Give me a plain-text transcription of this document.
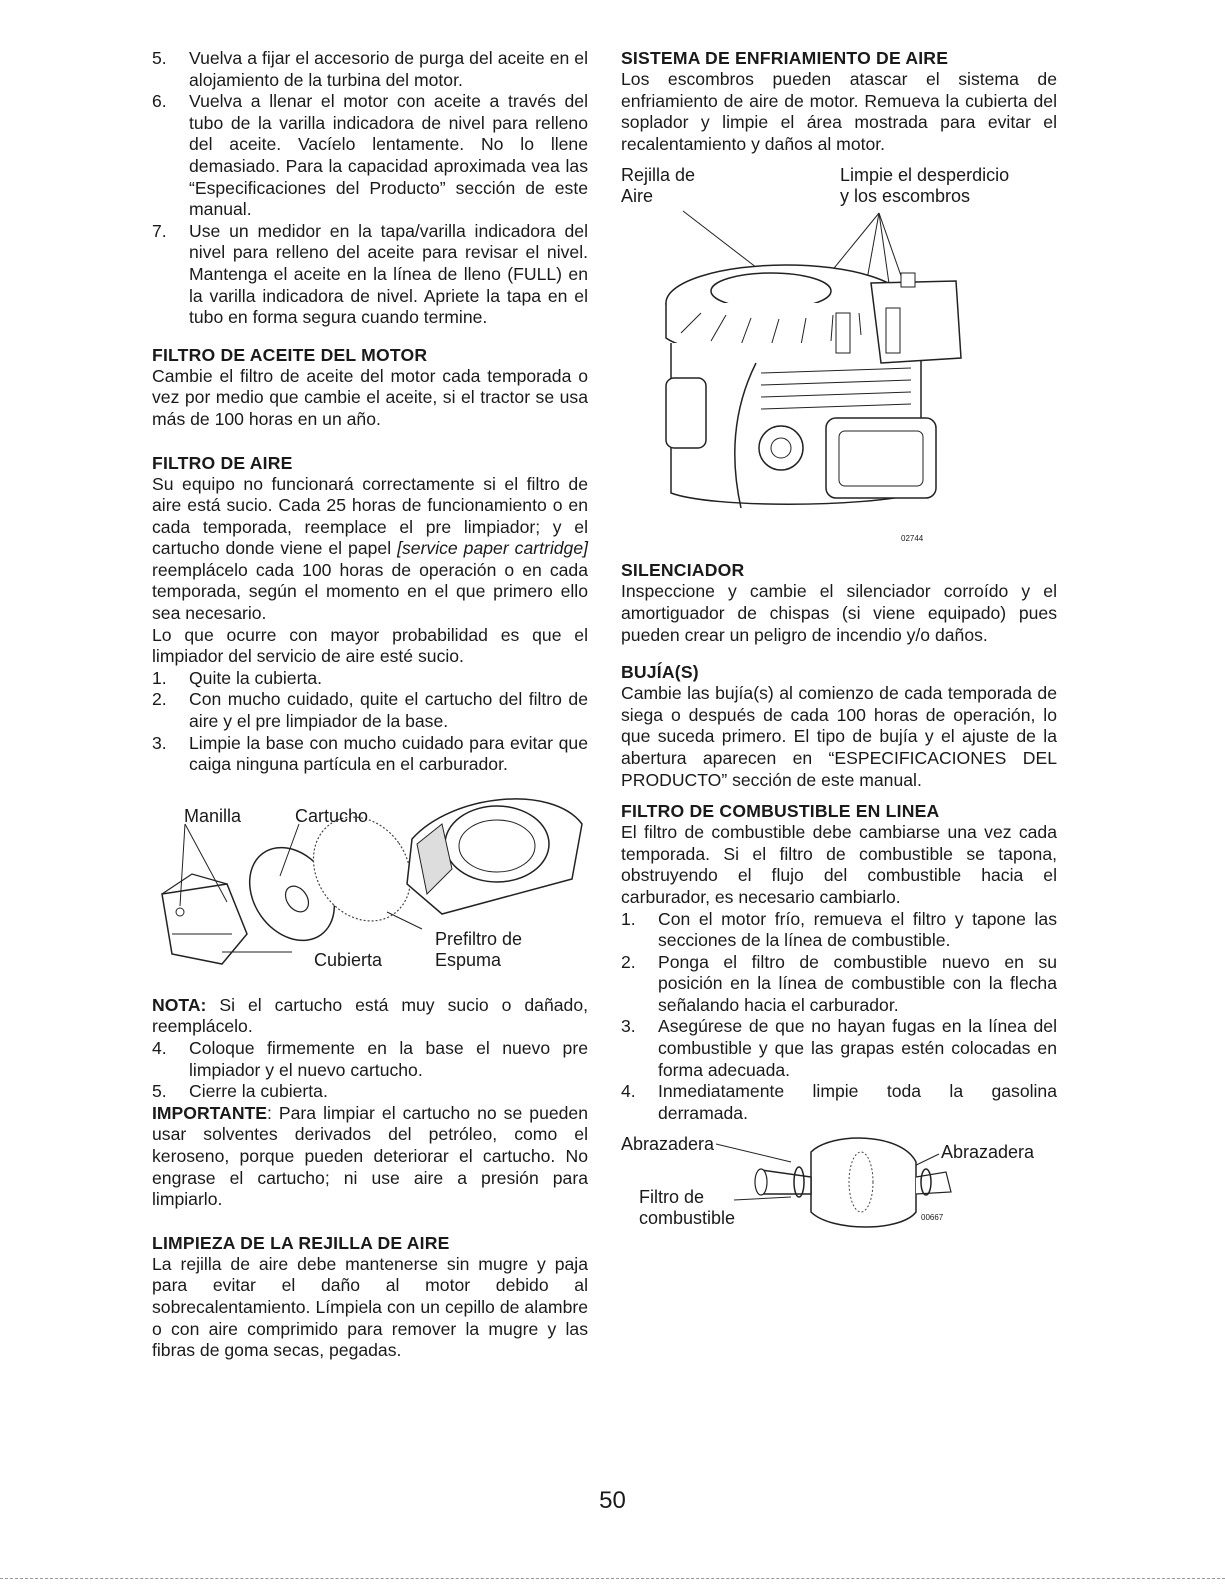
5. Vuelva a fijar el accesorio de purga del aceite en el alojamiento de la turbina del motor.
6. Vuelva a llenar el motor con aceite a través del tubo de la varilla indicadora de nivel para relleno del aceite. Vacíelo lentamente. No lo llene demasiado. Para la capacidad aproximada vea las “Especificaciones del Producto” sección de este manual.
7. Use un medidor en la tapa/varilla indicadora del nivel para relleno del aceite para revisar el nivel. Mantenga el aceite en la línea de lleno (FULL) en la varilla indicadora de nivel. Apriete la tapa en el tubo en forma segura cuando termine.
FILTRO DE ACEITE DEL MOTOR

Cambie el filtro de aceite del motor cada temporada o vez por medio que cambie el aceite, si el tractor se usa más de 100 horas en un año.

FILTRO DE AIRE

Su equipo no funcionará correctamente si el filtro de aire está sucio. Cada 25 horas de funcionamiento o en cada temporada, reemplace el pre limpiador; y el cartucho donde viene el papel [service paper cartridge] reemplácelo cada 100 horas de operación o en cada temporada, según el momento en el que primero ello sea necesario.

Lo que ocurre con mayor probabilidad es que el limpiador del servicio de aire esté sucio.

1. Quite la cubierta.
2. Con mucho cuidado, quite el cartucho del filtro de aire y el pre limpiador de la base.
3. Limpie la base con mucho cuidado para evitar que caiga ninguna partícula en el carburador.
Manilla	Cartucho
Prefiltro de
Espuma
Cubierta

NOTA: Si el cartucho está muy sucio o dañado, reemplácelo.

4. Coloque firmemente en la base el nuevo pre limpiador y el nuevo cartucho.
5. Cierre la cubierta.

IMPORTANTE: Para limpiar el cartucho no se pueden usar solventes derivados del petróleo, como el keroseno, porque pueden deteriorar el cartucho. No engrase el cartucho; ni use aire a presión para limpiarlo.

LIMPIEZA DE LA REJILLA DE AIRE

La rejilla de aire debe mantenerse sin mugre y paja para evitar el daño al motor debido al sobrecalentamiento. Límpiela con un cepillo de alambre o con aire comprimido para remover la mugre y las fibras de goma secas, pegadas.

SISTEMA DE ENFRIAMIENTO DE AIRE

Los escombros pueden atascar el sistema de enfriamiento de aire de motor. Remueva la cubierta del soplador y limpie el área mostrada para evitar el recalentamiento y daños al motor.

Rejilla de
Aire
Limpie el desperdicio
y los escombros
02744
SILENCIADOR

Inspeccione y cambie el silenciador corroído y el amortiguador de chispas (si viene equipado) pues pueden crear un peligro de incendio y/o daños.

BUJÍA(S)

Cambie las bujía(s) al comienzo de cada temporada de siega o después de cada 100 horas de operación, lo que suceda primero. El tipo de bujía y el ajuste de la abertura aparecen en “ESPECIFICACIONES DEL PRODUCTO” sección de este manual.

FILTRO DE COMBUSTIBLE EN LINEA

El filtro de combustible debe cambiarse una vez cada temporada. Si el filtro de combustible se tapona, obstruyendo el flujo del combustible hacia el carburador, es necesario cambiarlo.

1. Con el motor frío, remueva el filtro y tapone las secciones de la línea de combustible.
2. Ponga el filtro de combustible nuevo en su posición en la línea de combustible con la flecha señalando hacia el carburador.
3. Asegúrese de que no hayan fugas en la línea del combustible y que las grapas estén colocadas en forma adecuada.
4. Inmediatamente limpie toda la gasolina derramada.
Abrazadera	Abrazadera
Filtro de
combustible	00667
50
